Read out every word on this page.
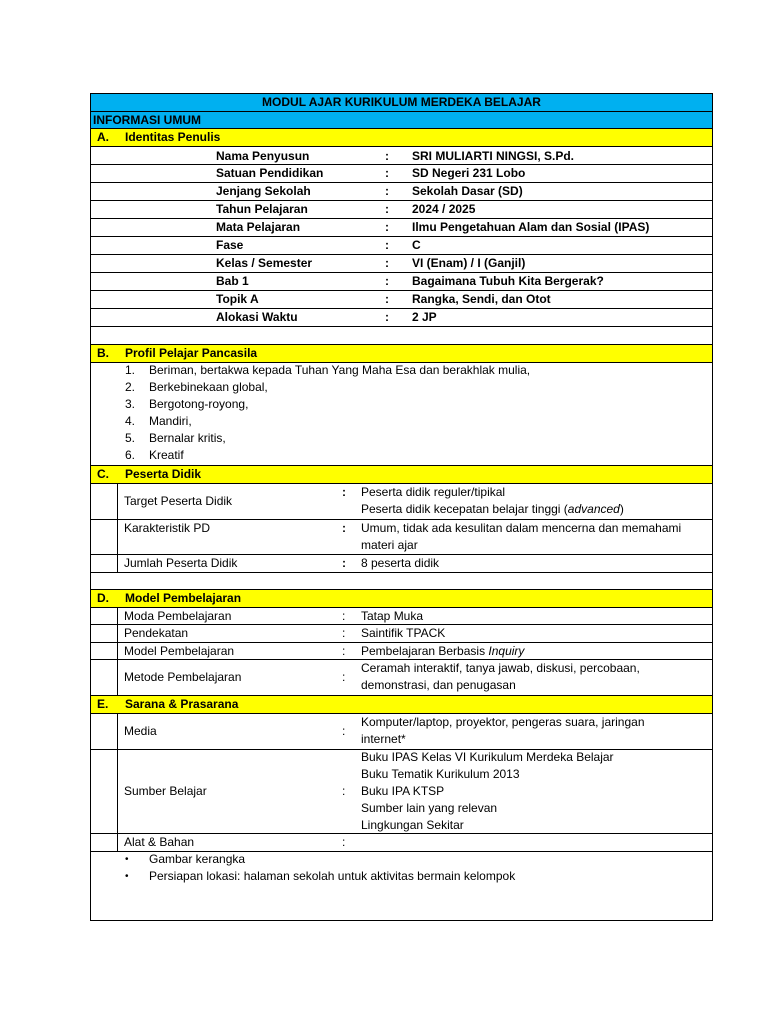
MODUL AJAR KURIKULUM MERDEKA BELAJAR
INFORMASI UMUM
A. Identitas Penulis
Nama Penyusun	: SRI MULIARTI NINGSI, S.Pd.
Satuan Pendidikan	: SD Negeri 231 Lobo
Jenjang Sekolah	: Sekolah Dasar (SD)
Tahun Pelajaran	: 2024 / 2025
Mata Pelajaran	: Ilmu Pengetahuan Alam dan Sosial (IPAS)
Fase	: C
Kelas / Semester	: VI (Enam) / I (Ganjil)
Bab 1	: Bagaimana Tubuh Kita Bergerak?
Topik A	: Rangka, Sendi, dan Otot
Alokasi Waktu	: 2 JP
B. Profil Pelajar Pancasila
1. Beriman, bertakwa kepada Tuhan Yang Maha Esa dan berakhlak mulia,
2. Berkebinekaan global,
3. Bergotong-royong,
4. Mandiri,
5. Bernalar kritis,
6. Kreatif
C. Peserta Didik
Target Peserta Didik
: Peserta didik reguler/tipikal
Peserta didik kecepatan belajar tinggi (advanced)
Karakteristik PD	: Umum, tidak ada kesulitan dalam mencerna dan memahami
materi ajar
Jumlah Peserta Didik	: 8 peserta didik
D. Model Pembelajaran
Moda Pembelajaran	: Tatap Muka
Pendekatan	: Saintifik TPACK
Model Pembelajaran	: Pembelajaran Berbasis Inquiry
Metode Pembelajaran	:
Ceramah interaktif, tanya jawab, diskusi, percobaan,
demonstrasi, dan penugasan
E. Sarana & Prasarana
Media	:
Komputer/laptop, proyektor, pengeras suara, jaringan
internet*
Sumber Belajar	:
Buku IPAS Kelas VI Kurikulum Merdeka Belajar
Buku Tematik Kurikulum 2013
Buku IPA KTSP
Sumber lain yang relevan
Lingkungan Sekitar
Alat & Bahan	:
• Gambar kerangka
• Persiapan lokasi: halaman sekolah untuk aktivitas bermain kelompok
